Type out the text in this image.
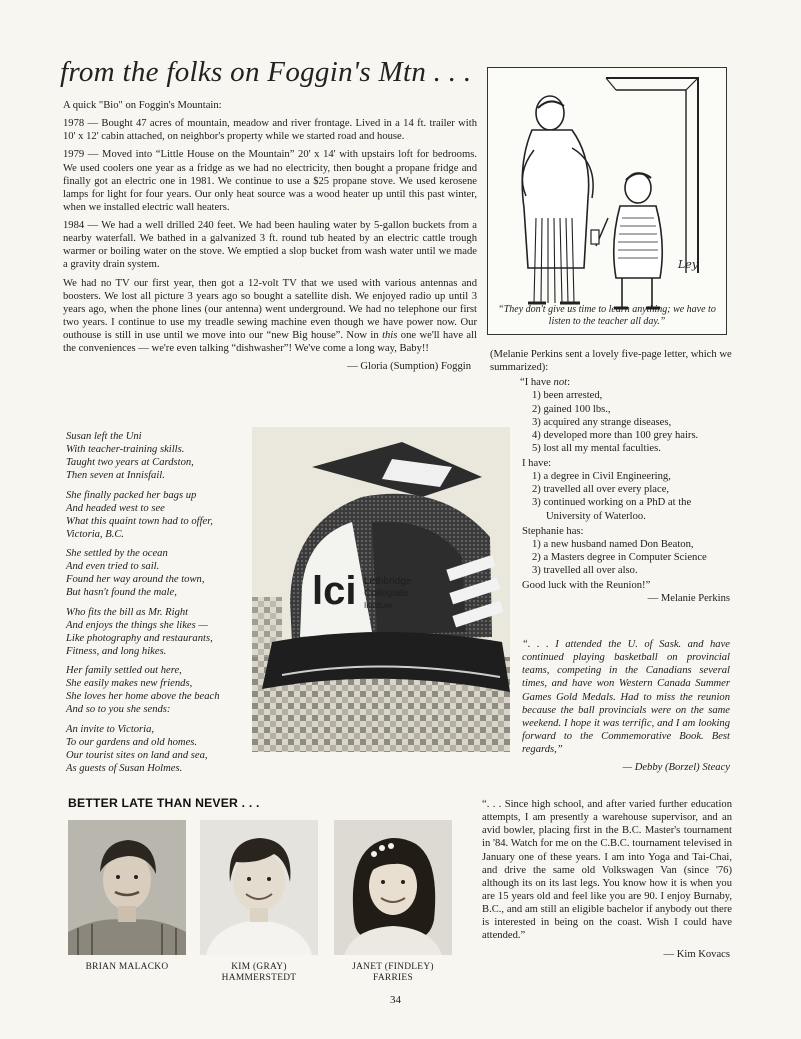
from the folks on Foggin's Mtn . . .

A quick "Bio" on Foggin's Mountain:

1978 — Bought 47 acres of mountain, meadow and river frontage. Lived in a 14 ft. trailer with 10' x 12' cabin attached, on neighbor's property while we started road and house.

1979 — Moved into “Little House on the Mountain” 20' x 14' with upstairs loft for bedrooms. We used coolers one year as a fridge as we had no electricity, then bought a propane fridge and finally got an electric one in 1981. We continue to use a $25 propane stove. We used kerosene lamps for light for four years. Our only heat source was a wood heater up until this past winter, when we installed electric wall heaters.

1984 — We had a well drilled 240 feet. We had been hauling water by 5-gallon buckets from a nearby waterfall. We bathed in a galvanized 3 ft. round tub heated by an electric cattle trough warmer or boiling water on the stove. We emptied a slop bucket from wash water until we made a gravity drain system.

We had no TV our first year, then got a 12-volt TV that we used with various antennas and boosters. We lost all picture 3 years ago so bought a satellite dish. We enjoyed radio up until 3 years ago, when the phone lines (our antenna) went underground. We had no telephone our first two years. I continue to use my treadle sewing machine even though we have power now. Our outhouse is still in use until we move into our “new Big house”. Now in this one we'll have all the conveniences — we're even talking “dishwasher”! We've come a long way, Baby!!

— Gloria (Sumption) Foggin

Ley
“They don't give us time to learn anything; we have to listen to the teacher all day.”

(Melanie Perkins sent a lovely five-page letter, which we summarized):

“I have not:
1) been arrested,
2) gained 100 lbs.,
3) acquired any strange diseases,
4) developed more than 100 grey hairs.
5) lost all my mental faculties.
I have:
1) a degree in Civil Engineering,
2) travelled all over every place,
3) continued working on a PhD at the University of Waterloo.
Stephanie has:
1) a new husband named Don Beaton,
2) a Masters degree in Computer Science
3) travelled all over also.
Good luck with the Reunion!”
— Melanie Perkins
Susan left the Uni
With teacher-training skills.
Taught two years at Cardston,
Then seven at Innisfail.
She finally packed her bags up
And headed west to see
What this quaint town had to offer,
Victoria, B.C.
She settled by the ocean
And even tried to sail.
Found her way around the town,
But hasn't found the male,
Who fits the bill as Mr. Right
And enjoys the things she likes —
Like photography and restaurants,
Fitness, and long hikes.
Her family settled out here,
She easily makes new friends,
She loves her home above the beach
And so to you she sends:
An invite to Victoria,
To our gardens and old homes.
Our tourist sites on land and sea,
As guests of Susan Holmes.
lci Lethbridge
Collegiate
Institute

“. . . I attended the U. of Sask. and have continued playing basketball on provincial teams, competing in the Canadians several times, and have won Western Canada Summer Games Gold Medals. Had to miss the reunion because the ball provincials were on the same weekend. I hope it was terrific, and I am looking forward to the Commemorative Book. Best regards,”

— Debby (Borzel) Steacy
BETTER LATE THAN NEVER . . .
BRIAN MALACKO	KIM (GRAY)
HAMMERSTEDT
JANET (FINDLEY)
FARRIES

“. . . Since high school, and after varied further education attempts, I am presently a warehouse supervisor, and an avid bowler, placing first in the B.C. Master's tournament in '84. Watch for me on the C.B.C. tournament televised in January one of these years. I am into Yoga and Tai-Chai, and drive the same old Volkswagen Van (since '76) although its on its last legs. You know how it is when you are 15 years old and feel like you are 90. I enjoy Burnaby, B.C., and am still an eligible bachelor if anybody out there is interested in being on the coast. Wish I could have attended.”

— Kim Kovacs
34
